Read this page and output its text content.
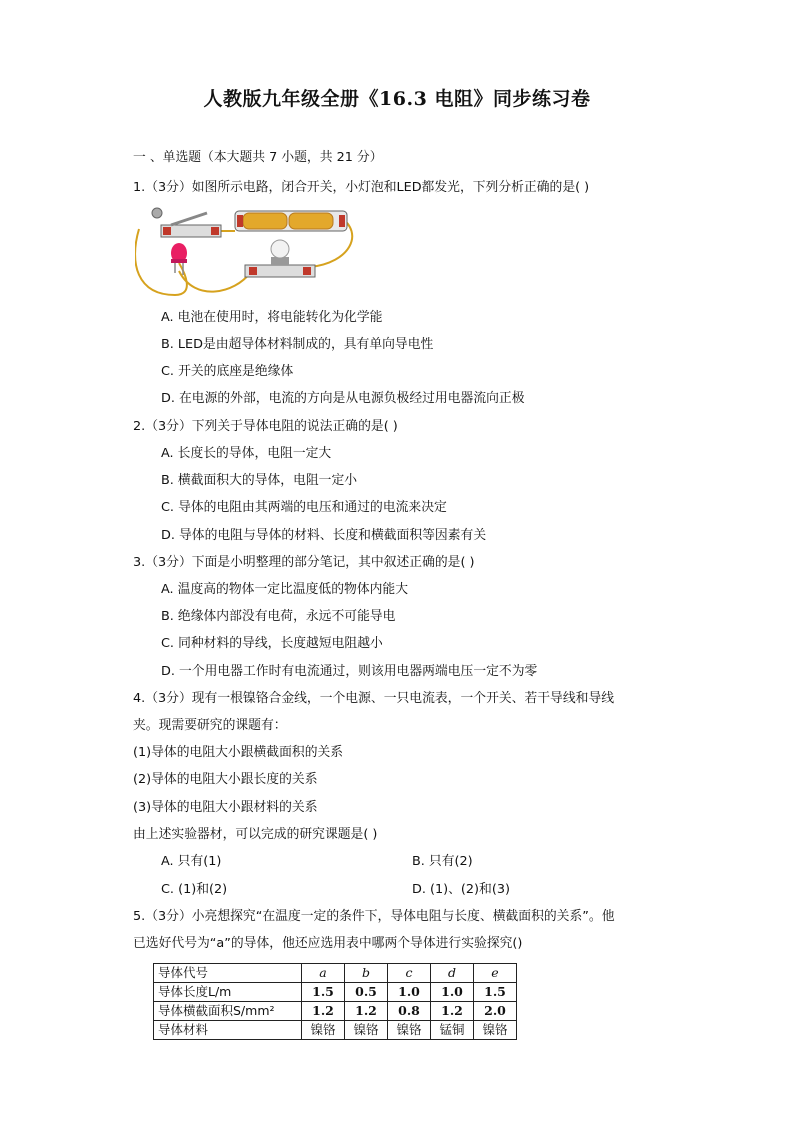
人教版九年级全册《16.3 电阻》同步练习卷
一 、单选题（本大题共 7 小题，共 21 分）
1.（3分）如图所示电路，闭合开关，小灯泡和LED都发光，下列分析正确的是( )
A. 电池在使用时，将电能转化为化学能
B. LED是由超导体材料制成的，具有单向导电性
C. 开关的底座是绝缘体
D. 在电源的外部，电流的方向是从电源负极经过用电器流向正极
2.（3分）下列关于导体电阻的说法正确的是( )
A. 长度长的导体，电阻一定大
B. 横截面积大的导体，电阻一定小
C. 导体的电阻由其两端的电压和通过的电流来决定
D. 导体的电阻与导体的材料、长度和横截面积等因素有关
3.（3分）下面是小明整理的部分笔记，其中叙述正确的是( )
A. 温度高的物体一定比温度低的物体内能大
B. 绝缘体内部没有电荷，永远不可能导电
C. 同种材料的导线，长度越短电阻越小
D. 一个用电器工作时有电流通过，则该用电器两端电压一定不为零
4.（3分）现有一根镍铬合金线，一个电源、一只电流表，一个开关、若干导线和导线
夹。现需要研究的课题有：
(1)导体的电阻大小跟横截面积的关系
(2)导体的电阻大小跟长度的关系
(3)导体的电阻大小跟材料的关系
由上述实验器材，可以完成的研究课题是( )
A. 只有(1)	B. 只有(2)
C. (1)和(2)	D. (1)、(2)和(3)
5.（3分）小亮想探究“在温度一定的条件下，导体电阻与长度、横截面积的关系”。他
已选好代号为“a”的导体，他还应选用表中哪两个导体进行实验探究()
导体代号	a	b	c	d	e
导体长度L/m	1.5	0.5	1.0	1.0	1.5
导体横截面积S/mm²	1.2	1.2	0.8	1.2	2.0
导体材料	镍铬	镍铬	镍铬	锰铜	镍铬
